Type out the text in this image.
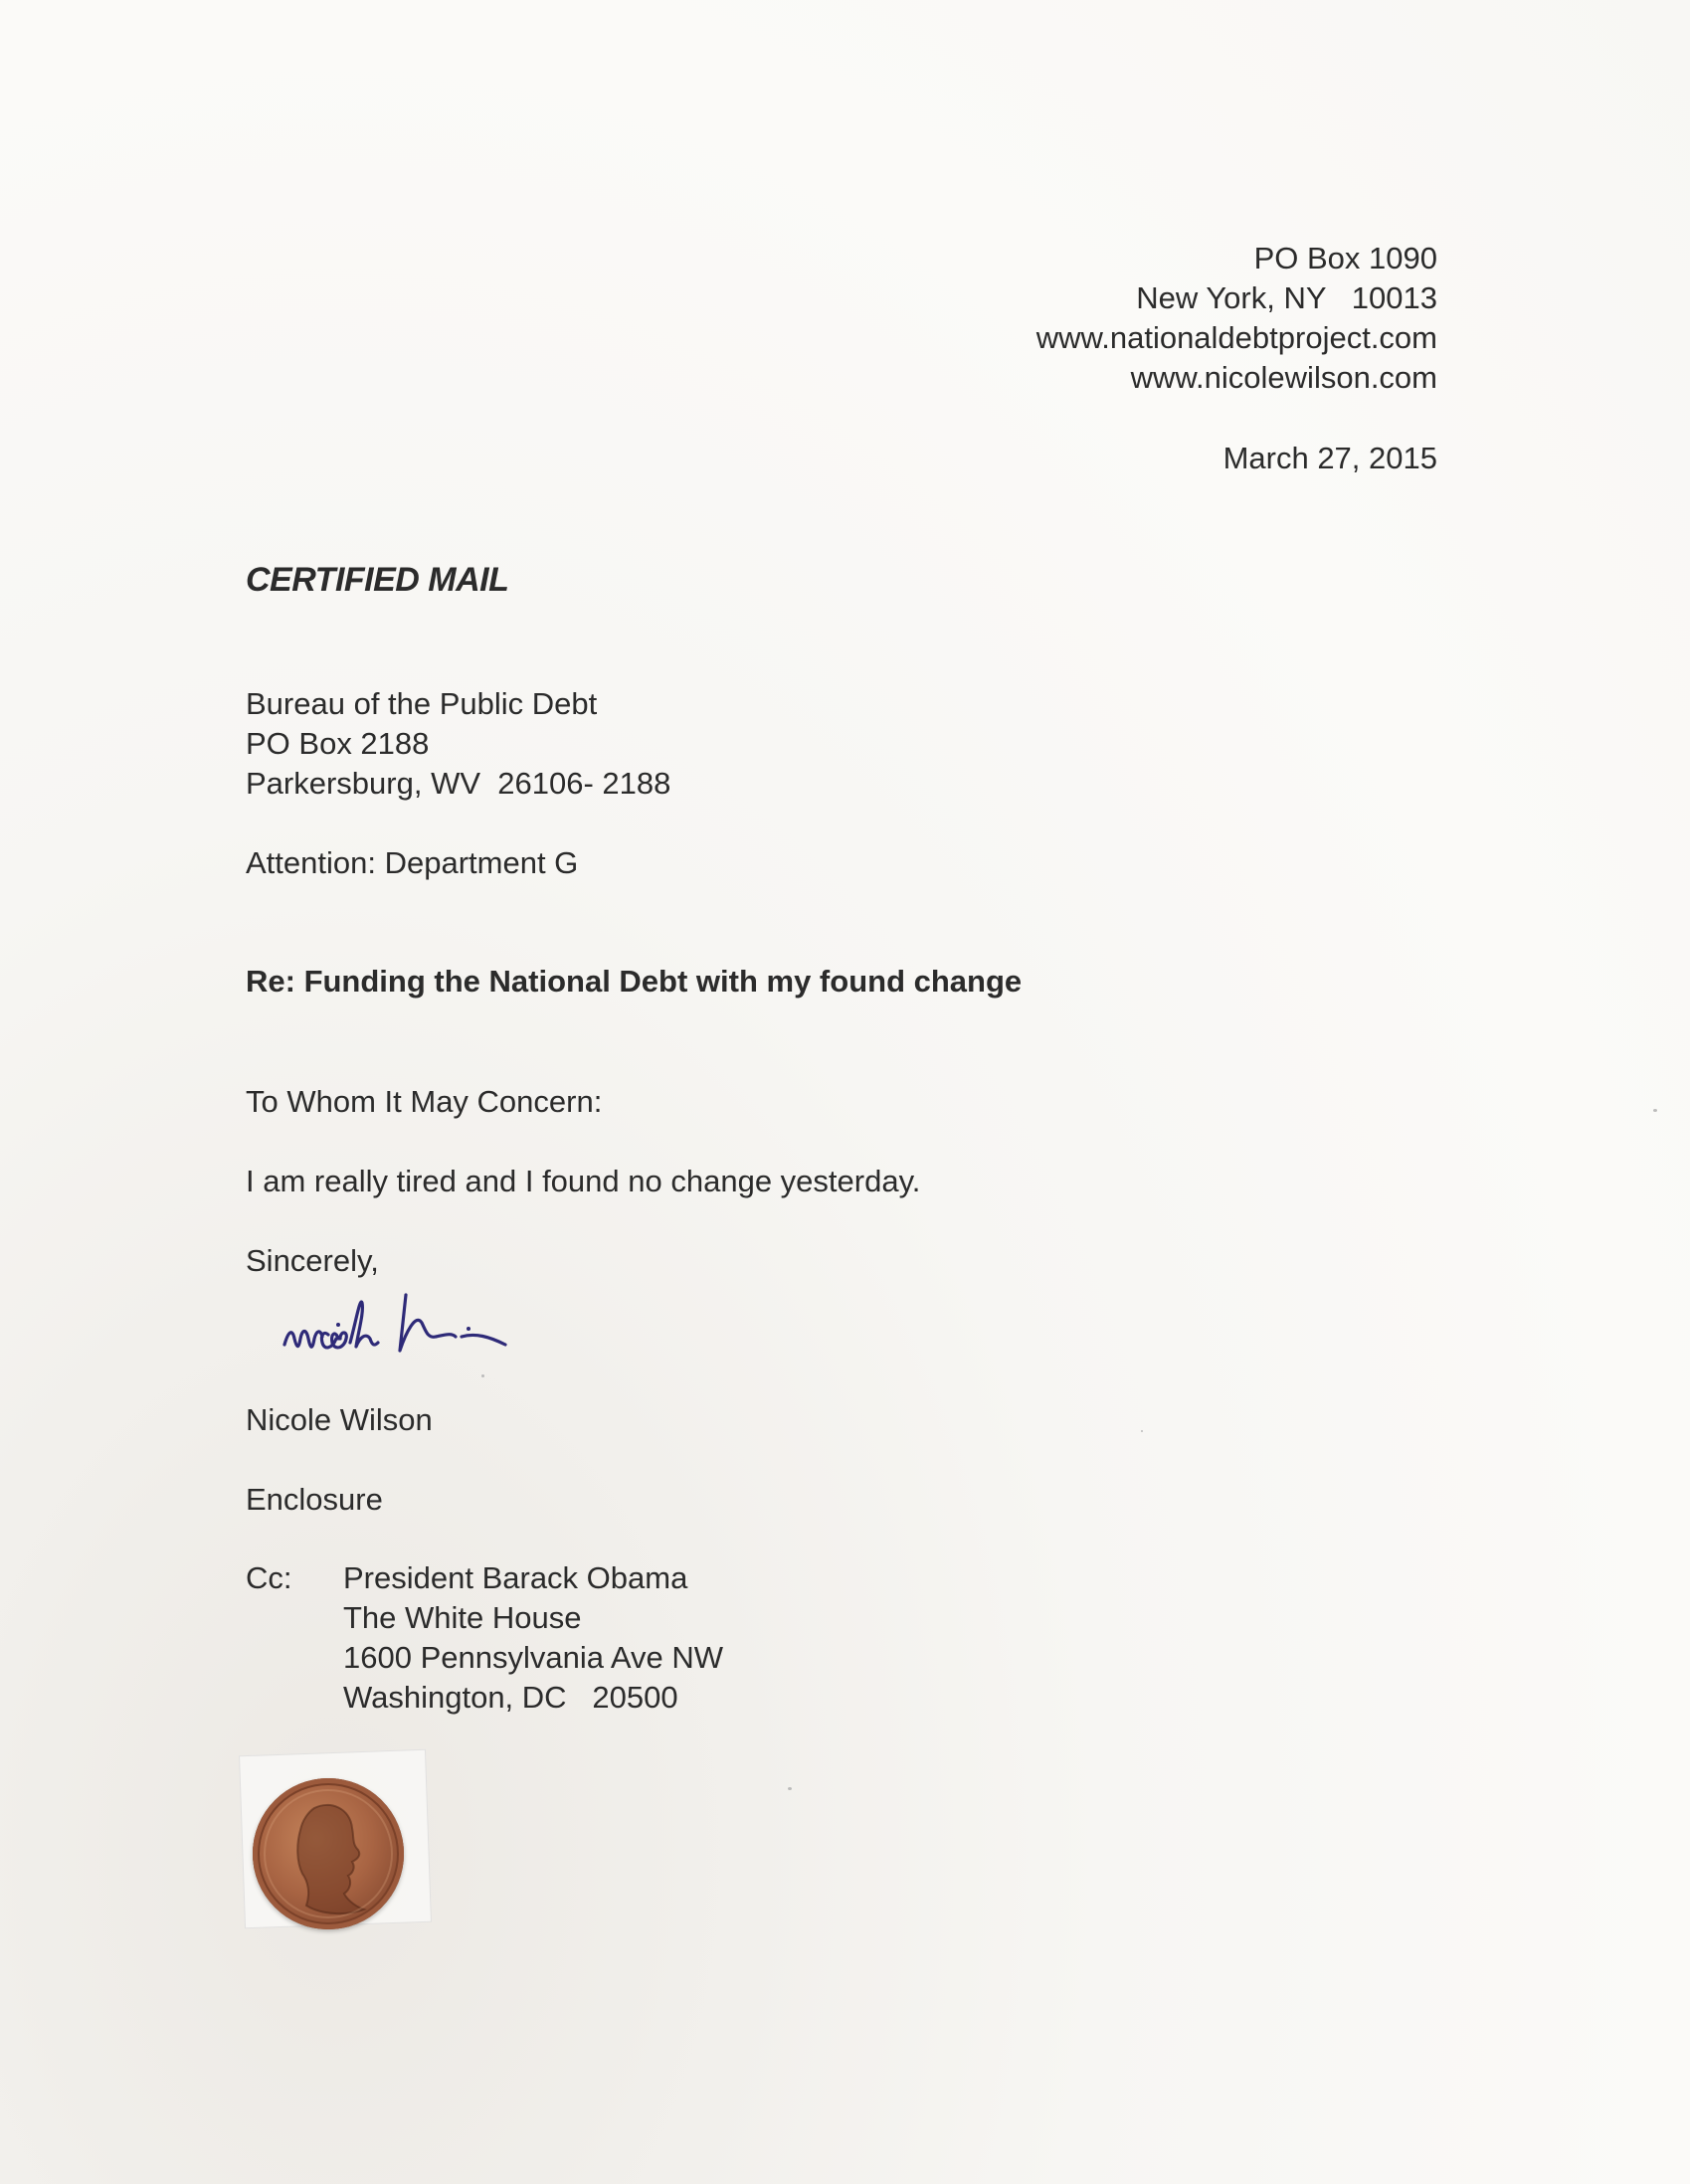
PO Box 1090
New York, NY   10013
www.nationaldebtproject.com
www.nicolewilson.com
March 27, 2015
CERTIFIED MAIL
Bureau of the Public Debt
PO Box 2188
Parkersburg, WV  26106- 2188
Attention: Department G
Re: Funding the National Debt with my found change
To Whom It May Concern:
I am really tired and I found no change yesterday.
Sincerely,
Nicole Wilson
Enclosure
Cc: President Barack Obama
The White House
1600 Pennsylvania Ave NW
Washington, DC   20500
